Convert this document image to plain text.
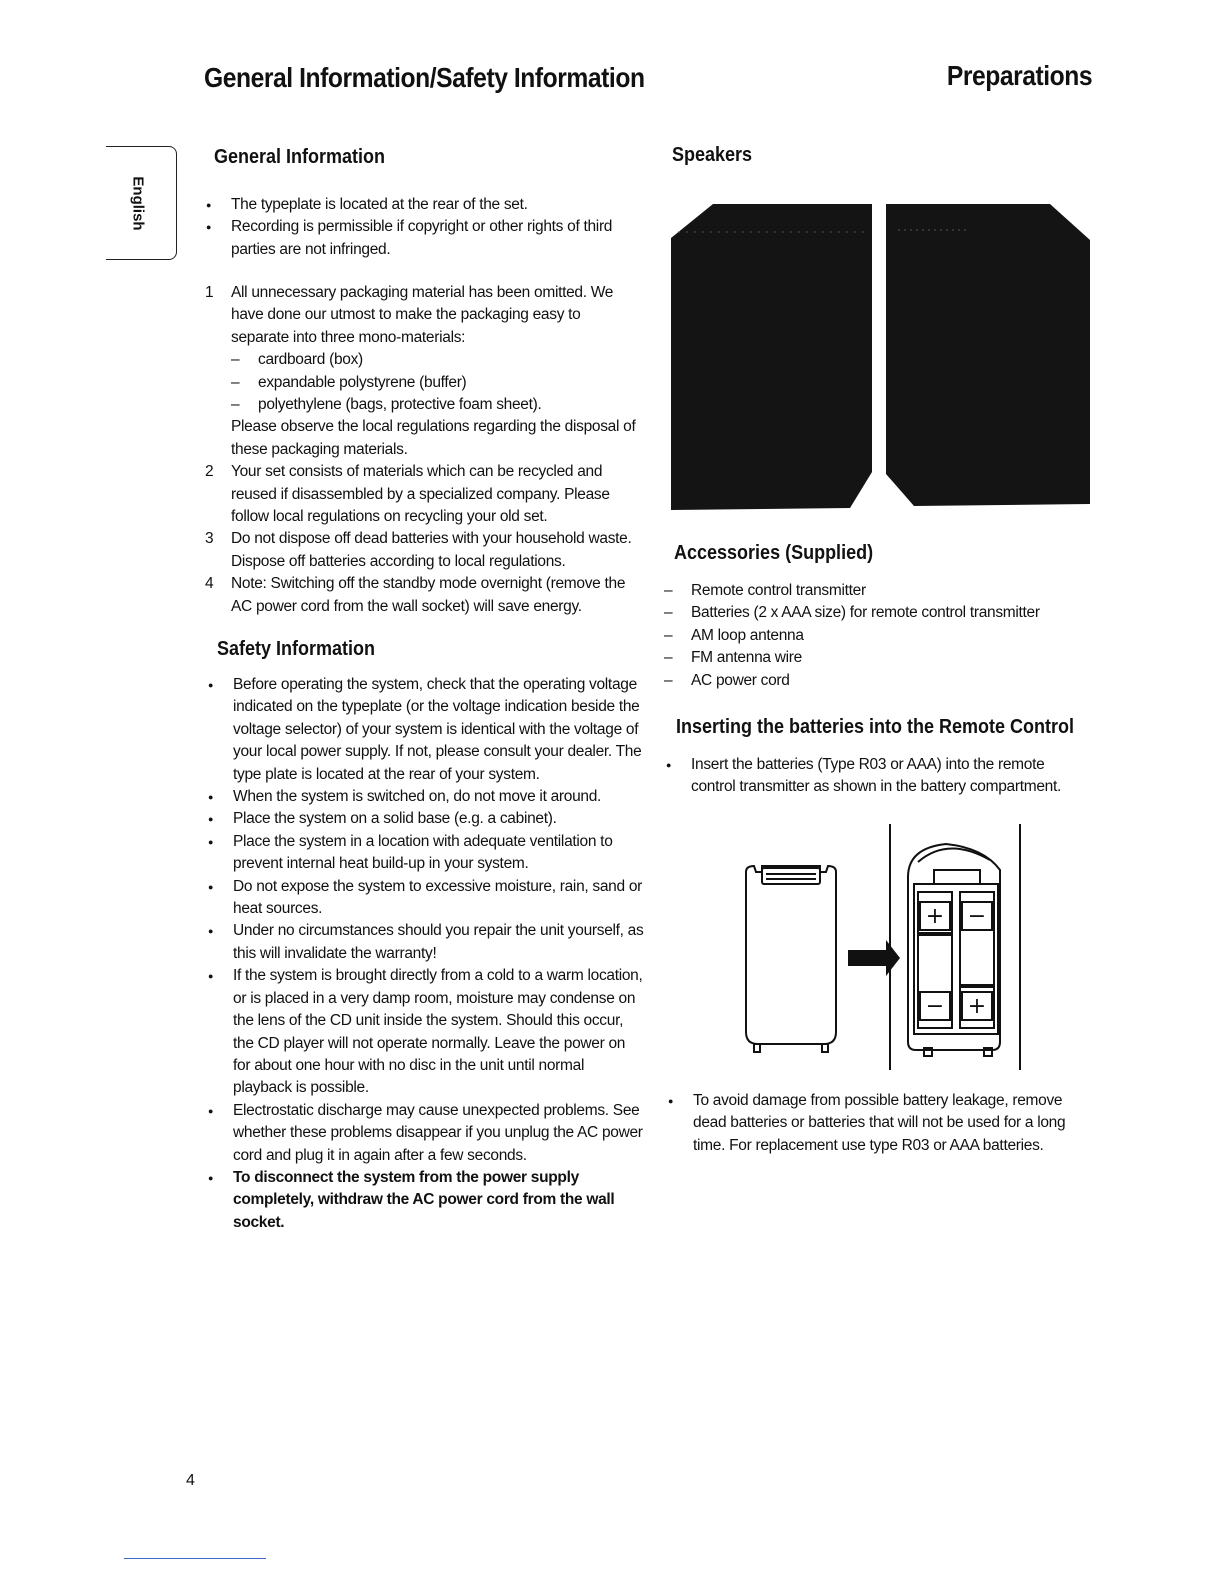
General Information/Safety Information	Preparations
English
General Information
● The typeplate is located at the rear of the set.
● Recording is permissible if copyright or other rights of third parties are not infringed.
1 All unnecessary packaging material has been omitted. We have done our utmost to make the packaging easy to separate into three mono-materials:
– cardboard (box)
– expandable polystyrene (buffer)
– polyethylene (bags, protective foam sheet).
Please observe the local regulations regarding the disposal of these packaging materials.
2 Your set consists of materials which can be recycled and reused if disassembled by a specialized company. Please follow local regulations on recycling your old set.
3 Do not dispose off dead batteries with your household waste. Dispose off batteries according to local regulations.
4 Note: Switching off the standby mode overnight (remove the AC power cord from the wall socket) will save energy.
Safety Information
● Before operating the system, check that the operating voltage indicated on the typeplate (or the voltage indication beside the voltage selector) of your system is identical with the voltage of your local power supply. If not, please consult your dealer. The type plate is located at the rear of your system.
● When the system is switched on, do not move it around.
● Place the system on a solid base (e.g. a cabinet).
● Place the system in a location with adequate ventilation to prevent internal heat build-up in your system.
● Do not expose the system to excessive moisture, rain, sand or heat sources.
● Under no circumstances should you repair the unit yourself, as this will invalidate the warranty!
● If the system is brought directly from a cold to a warm location, or is placed in a very damp room, moisture may condense on the lens of the CD unit inside the system. Should this occur, the CD player will not operate normally. Leave the power on for about one hour with no disc in the unit until normal playback is possible.
● Electrostatic discharge may cause unexpected problems. See whether these problems disappear if you unplug the AC power cord and plug it in again after a few seconds.
● To disconnect the system from the power supply completely, withdraw the AC power cord from the wall socket.
Speakers
Accessories (Supplied)
– Remote control transmitter
– Batteries (2 x AAA size) for remote control transmitter
– AM loop antenna
– FM antenna wire
– AC power cord
Inserting the batteries into the Remote Control
● Insert the batteries (Type R03 or AAA) into the remote control transmitter as shown in the battery compartment.
+ −
− +
● To avoid damage from possible battery leakage, remove dead batteries or batteries that will not be used for a long time. For replacement use type R03 or AAA batteries.
4
